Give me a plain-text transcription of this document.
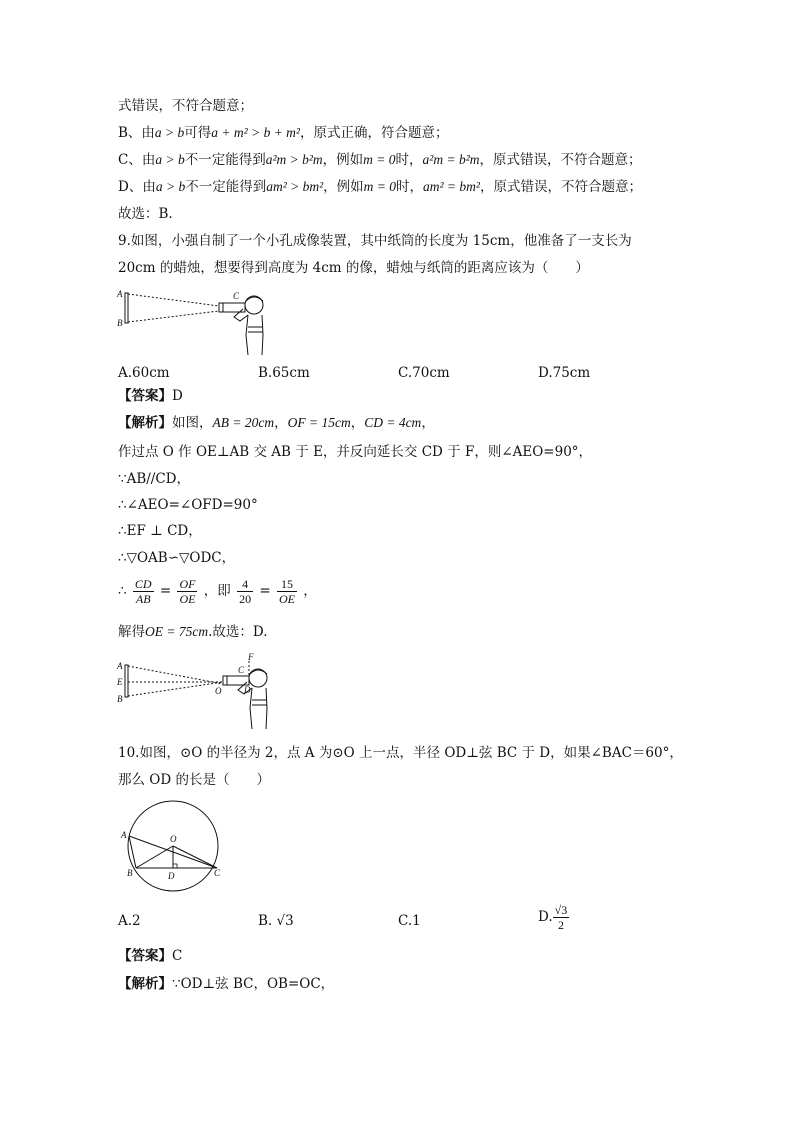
式错误，不符合题意；
B、由a > b可得a + m² > b + m²，原式正确，符合题意；
C、由a > b不一定能得到a²m > b²m，例如m = 0时，a²m = b²m，原式错误，不符合题意；
D、由a > b不一定能得到am² > bm²，例如m = 0时，am² = bm²，原式错误，不符合题意；
故选：B.
9.如图，小强自制了一个小孔成像装置，其中纸筒的长度为 15cm，他准备了一支长为
20cm 的蜡烛，想要得到高度为 4cm 的像，蜡烛与纸筒的距离应该为（　　）
A
B
C
A.60cm	B.65cm	C.70cm	D.75cm
【答案】D
【解析】如图，AB = 20cm，OF = 15cm，CD = 4cm，
作过点 O 作 OE⊥AB 交 AB 于 E，并反向延长交 CD 于 F，则∠AEO=90°，
∵AB//CD，
∴∠AEO=∠OFD=90°
∴EF ⊥ CD，
∴▽OAB∽▽ODC，
∴ $\frac{CD}{AB} = \frac{OF}{OE}$ ，即 $\frac{4}{20} = \frac{15}{OE}$ ，
解得OE = 75cm.故选：D.
A
E
B
O
F
C
D
10.如图，⊙O 的半径为 2，点 A 为⊙O 上一点，半径 OD⊥弦 BC 于 D，如果∠BAC＝60°，
那么 OD 的长是（　　）
A
B	C
D
O
A.2	B. √3	C.1	D. $\frac{√3}{2}$
【答案】C
【解析】∵OD⊥弦 BC，OB=OC，
